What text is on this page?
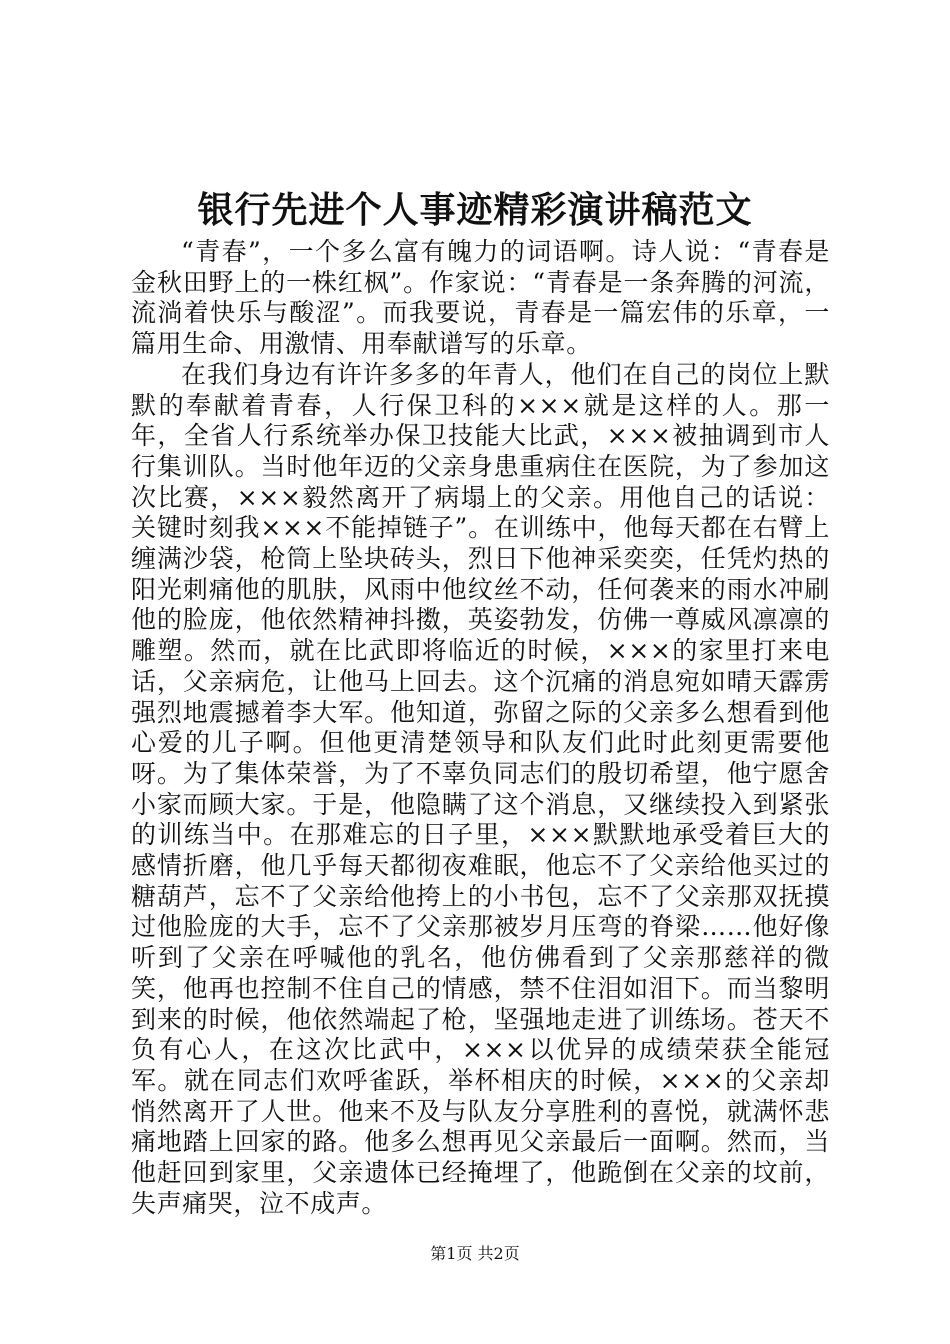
银行先进个人事迹精彩演讲稿范文

“青春”，一个多么富有魄力的词语啊。诗人说：“青春是金秋田野上的一株红枫”。作家说：“青春是一条奔腾的河流，流淌着快乐与酸涩”。而我要说，青春是一篇宏伟的乐章，一篇用生命、用激情、用奉献谱写的乐章。

在我们身边有许许多多的年青人，他们在自己的岗位上默默的奉献着青春，人行保卫科的×××就是这样的人。那一年，全省人行系统举办保卫技能大比武，×××被抽调到市人行集训队。当时他年迈的父亲身患重病住在医院，为了参加这次比赛，×××毅然离开了病塌上的父亲。用他自己的话说：关键时刻我×××不能掉链子”。在训练中，他每天都在右臂上缠满沙袋，枪筒上坠块砖头，烈日下他神采奕奕，任凭灼热的阳光刺痛他的肌肤，风雨中他纹丝不动，任何袭来的雨水冲刷他的脸庞，他依然精神抖擞，英姿勃发，仿佛一尊威风凛凛的雕塑。然而，就在比武即将临近的时候，×××的家里打来电话，父亲病危，让他马上回去。这个沉痛的消息宛如晴天霹雳强烈地震撼着李大军。他知道，弥留之际的父亲多么想看到他心爱的儿子啊。但他更清楚领导和队友们此时此刻更需要他呀。为了集体荣誉，为了不辜负同志们的殷切希望，他宁愿舍小家而顾大家。于是，他隐瞒了这个消息，又继续投入到紧张的训练当中。在那难忘的日子里，×××默默地承受着巨大的感情折磨，他几乎每天都彻夜难眠，他忘不了父亲给他买过的糖葫芦，忘不了父亲给他挎上的小书包，忘不了父亲那双抚摸过他脸庞的大手，忘不了父亲那被岁月压弯的脊梁……他好像听到了父亲在呼喊他的乳名，他仿佛看到了父亲那慈祥的微笑，他再也控制不住自己的情感，禁不住泪如泪下。而当黎明到来的时候，他依然端起了枪，坚强地走进了训练场。苍天不负有心人，在这次比武中，×××以优异的成绩荣获全能冠军。就在同志们欢呼雀跃，举杯相庆的时候，×××的父亲却悄然离开了人世。他来不及与队友分享胜利的喜悦，就满怀悲痛地踏上回家的路。他多么想再见父亲最后一面啊。然而，当他赶回到家里，父亲遗体已经掩埋了，他跪倒在父亲的坟前，失声痛哭，泣不成声。

第1页 共2页
